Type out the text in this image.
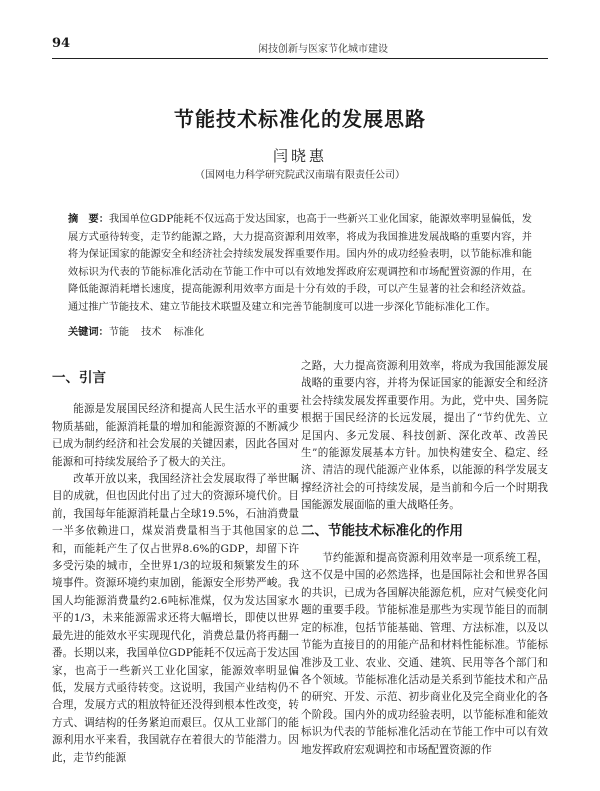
94	闲技创新与医家节化城市建设
节能技术标准化的发展思路
闫晓惠
（国网电力科学研究院武汉南瑞有限责任公司）

摘　要：我国单位GDP能耗不仅远高于发达国家，也高于一些新兴工业化国家，能源效率明显偏低，发展方式亟待转变，走节约能源之路，大力提高资源利用效率，将成为我国推进发展战略的重要内容，并将为保证国家的能源安全和经济社会持续发展发挥重要作用。国内外的成功经验表明，以节能标准和能效标识为代表的节能标准化活动在节能工作中可以有效地发挥政府宏观调控和市场配置资源的作用，在降低能源消耗增长速度，提高能源利用效率方面是十分有效的手段，可以产生显著的社会和经济效益。通过推广节能技术、建立节能技术联盟及建立和完善节能制度可以进一步深化节能标准化工作。

关键词：节能 技术 标准化

一、引言

能源是发展国民经济和提高人民生活水平的重要物质基础，能源消耗量的增加和能源资源的不断减少已成为制约经济和社会发展的关键因素，因此各国对能源和可持续发展给予了极大的关注。

改革开放以来，我国经济社会发展取得了举世瞩目的成就，但也因此付出了过大的资源环境代价。目前，我国每年能源消耗量占全球19.5%，石油消费量一半多依赖进口，煤炭消费量相当于其他国家的总和，而能耗产生了仅占世界8.6%的GDP，却留下许多受污染的城市，全世界1/3的垃圾和频繁发生的环境事件。资源环境约束加剧，能源安全形势严峻。我国人均能源消费量约2.6吨标准煤，仅为发达国家水平的1/3，未来能源需求还将大幅增长，即使以世界最先进的能效水平实现现代化，消费总量仍将再翻一番。长期以来，我国单位GDP能耗不仅远高于发达国家，也高于一些新兴工业化国家，能源效率明显偏低，发展方式亟待转变。这说明，我国产业结构仍不合理，发展方式的粗放特征还没得到根本性改变，转方式、调结构的任务紧迫而艰巨。仅从工业部门的能源利用水平来看，我国就存在着很大的节能潜力。因此，走节约能源

之路，大力提高资源利用效率，将成为我国能源发展战略的重要内容，并将为保证国家的能源安全和经济社会持续发展发挥重要作用。为此，党中央、国务院根据于国民经济的长远发展，提出了“节约优先、立足国内、多元发展、科技创新、深化改革、改善民生”的能源发展基本方针。加快构建安全、稳定、经济、清洁的现代能源产业体系，以能源的科学发展支撑经济社会的可持续发展，是当前和今后一个时期我国能源发展面临的重大战略任务。

二、节能技术标准化的作用

节约能源和提高资源利用效率是一项系统工程，这不仅是中国的必然选择，也是国际社会和世界各国的共识，已成为各国解决能源危机，应对气候变化问题的重要手段。节能标准是那些为实现节能目的而制定的标准，包括节能基础、管理、方法标准，以及以节能为直接目的的用能产品和材料性能标准。节能标准涉及工业、农业、交通、建筑、民用等各个部门和各个领域。节能标准化活动是关系到节能技术和产品的研究、开发、示范、初步商业化及完全商业化的各个阶段。国内外的成功经验表明，以节能标准和能效标识为代表的节能标准化活动在节能工作中可以有效地发挥政府宏观调控和市场配置资源的作
